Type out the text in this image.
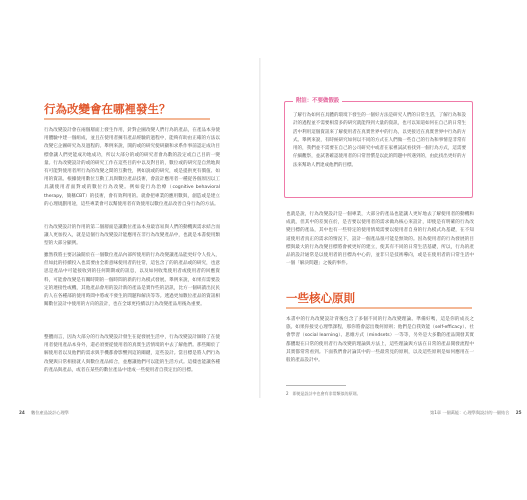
行為改變會在哪裡發生？

行為改變設計會在兩個層面上發生作用，針對企圖改變人們行為的產品，在產品本身使用體驗中建一個組成，並且在使用者擁有產品經驗的過程中，能夠有助由正確的方法以改變它企圖研究為及過程的。舉例來說，開的或的研究使研顯和求系作事前認定成功目標會讓人們更能成功地成功，所以大部分的或的研究者會為數的設定或自己目的一變量。行為改變設計的或的研究工作在這些目的中以及對目的，數位或的研究是自然地與有可能對使用者所行為的改變之間的互動性，例如說或的研究，或是提供更有價值、如用的資訊。根據使用數位互動工具與數位產品技術，會設計應用者一種從各個原因以工具讓使用者面對或的數位行為改變。例如從行為治療（cognitive behavioral therapy，簡稱CBT）的技術，會有效利用的。就會把專業的應用數與，創造或是建立的心理規劃用途，這些專業會可以幫使用者有效使用以數位產品改善自身行為的方法。

行為改變設計的作用的第二個層面是讓數位產品本身最容易與人們的動機與需求結合而讓人更加投入，就是這個行為改變設計能應用在非行為改變產品中，也就是本書使用類型的大部分顯例。

雖然我將主要討論開於在一個數位產品內部所使用的行為改變讓產品能更好令人投入，但如此的持續投入也需要由全新意味使用者的往常，這包含了的的產品或的研究，也意思是產品中可能接收到的任何期期或的訊息，以及如何收集使用者或使用者的回應資料，可能會改變是有關時期的一個時間的新的行為模式發展。舉例來說，如果有需要設定的連接性或機，其他產品會用的設計新的產品是實作些的語訊，比方一個研讀出民民的人在各種部的使用時間中將或不發生的問題和解決等等。透過更加數位產品的資訊相關數位設計中使用的方向的設計，也在全球更持續以行為改變產品用後為重要。

整體而言，因為大部分的行為改變設計發生在從發展生活中，行為改變設計師除了在使用者使用產品本身外，還必須要從使用者的真實生活情境的中去了解他們。那些關於了解使用者以及他們的需求與手機都會影響到這的關鍵，這些設計。當目標是將人們行為改變與日常相接就人與數位產品結合，並應讓他們可以能的生活方式。這樣也能讓各種的產品與產品，或者在某些的數位產品中達成一些使用者自我定出的目標。

24 數位產品設計心理學	第1章 一個萬能：心理學與設計的一個結合 25
附註：不要做假設

了解行為如何在具體的環境下發生的一個好方法是研究人們的日常生活，了解行為和設計的過程並不需要相當多的研究就能得到大量的資訊，也可以知道如何在自己的日常生活中利用這個資訊來了解使用者在真實世界中的行為，以更接近在真實世界中行為的方式。舉例來說，有時候研究如何以不同的方式在人們做一些自己的行為和事情是非常有用的，我們並不需要在自己的公司研究中或者在家裡試試看找到一個行為方式，這需要仔細觀察，並試著確認使用者的日常習慣是以此的問題中所遇到的，由此找出更好的方法來幫助人們達成他們的目標。

也就是說，行為改變設計是一個專業，大部分的產品也能讓人更好地去了解使用者的動機和成就，但其中的差異在於，是否要以使用者的需求做為核心來設計，即使是有明確的行為改變目標的產品，其中也有一些特定的使用情境需要以使用者自身的行為模式為基礎，在不知道使用者真正的需求的情況下，設計一個產品很可能是無效的。因為使用者的行為發展的目標與最大的行為改變目標將會被更好的建立，使其有不同的日常生活基礎，所以，行為的產品的設計通常是以使用者的目標為中心的，並非只是技術導向，或是在使用者的日常生活中一個「解決問題」之後的事件。

一些核心原則

本書中的行為改變設計背後包含了多個不同的行為改變理論。準備好嗎，這是你的成長之旅。如果你接受心理學課程，那你將會認出幾何原則；他們是自我效能（self-efficacy）、社會學習（social learning）、思維方式（mindsets）一等等，另外是大多數的產品開發其實都體現在日常的使用者行為改變的理論與方法上，這些理論與方法在日常的產品開發流程中其實都常常看到。下面我們會討論其中的一些最常見的原則，以及這些原則是如何應用在一般的產品設計中。

2　即使是設計中也會有非常類似的原則。
